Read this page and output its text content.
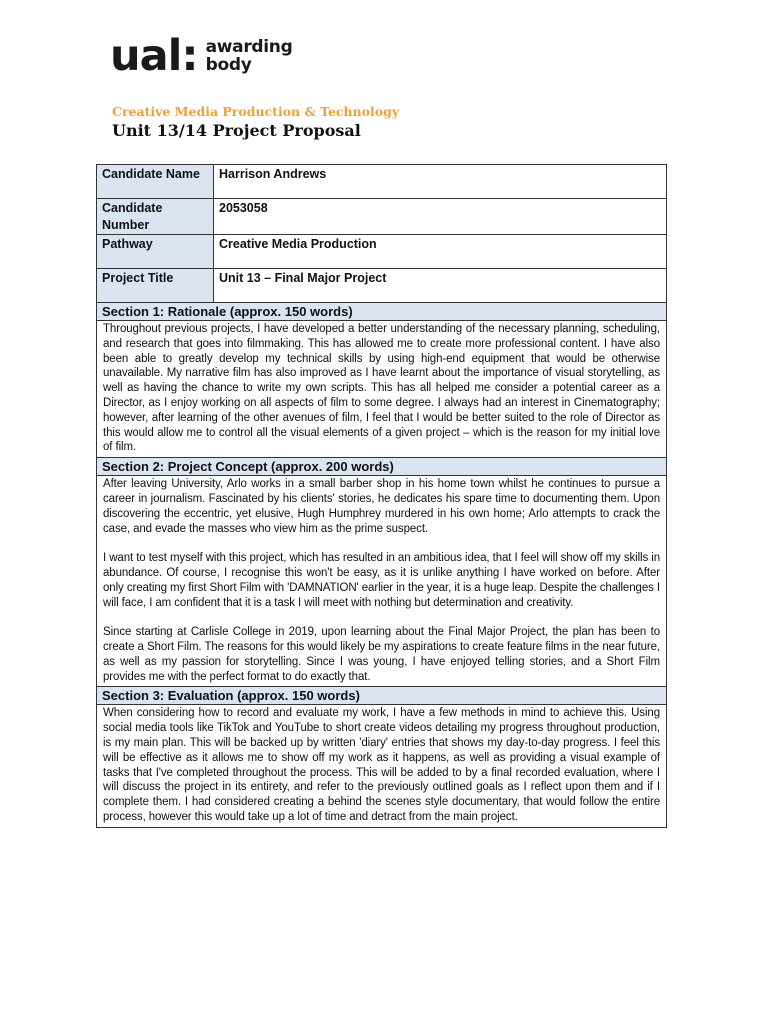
ual: awarding
body
Creative Media Production & Technology
Unit 13/14 Project Proposal
Candidate Name	Harrison Andrews
Candidate Number	2053058
Pathway	Creative Media Production
Project Title	Unit 13 – Final Major Project
Section 1: Rationale (approx. 150 words)	

Throughout previous projects, I have developed a better understanding of the necessary planning, scheduling, and research that goes into filmmaking. This has allowed me to create more professional content. I have also been able to greatly develop my technical skills by using high-end equipment that would be otherwise unavailable. My narrative film has also improved as I have learnt about the importance of visual storytelling, as well as having the chance to write my own scripts. This has all helped me consider a potential career as a Director, as I enjoy working on all aspects of film to some degree. I always had an interest in Cinematography; however, after learning of the other avenues of film, I feel that I would be better suited to the role of Director as this would allow me to control all the visual elements of a given project – which is the reason for my initial love of film.	

Section 2: Project Concept (approx. 200 words)	

After leaving University, Arlo works in a small barber shop in his home town whilst he continues to pursue a career in journalism. Fascinated by his clients' stories, he dedicates his spare time to documenting them. Upon discovering the eccentric, yet elusive, Hugh Humphrey murdered in his own home; Arlo attempts to crack the case, and evade the masses who view him as the prime suspect.

I want to test myself with this project, which has resulted in an ambitious idea, that I feel will show off my skills in abundance. Of course, I recognise this won't be easy, as it is unlike anything I have worked on before. After only creating my first Short Film with 'DAMNATION' earlier in the year, it is a huge leap. Despite the challenges I will face, I am confident that it is a task I will meet with nothing but determination and creativity.

Since starting at Carlisle College in 2019, upon learning about the Final Major Project, the plan has been to create a Short Film. The reasons for this would likely be my aspirations to create feature films in the near future, as well as my passion for storytelling. Since I was young, I have enjoyed telling stories, and a Short Film provides me with the perfect format to do exactly that.	

Section 3: Evaluation (approx. 150 words)	

When considering how to record and evaluate my work, I have a few methods in mind to achieve this. Using social media tools like TikTok and YouTube to short create videos detailing my progress throughout production, is my main plan. This will be backed up by written 'diary' entries that shows my day-to-day progress. I feel this will be effective as it allows me to show off my work as it happens, as well as providing a visual example of tasks that I've completed throughout the process. This will be added to by a final recorded evaluation, where I will discuss the project in its entirety, and refer to the previously outlined goals as I reflect upon them and if I complete them. I had considered creating a behind the scenes style documentary, that would follow the entire process, however this would take up a lot of time and detract from the main project.	
